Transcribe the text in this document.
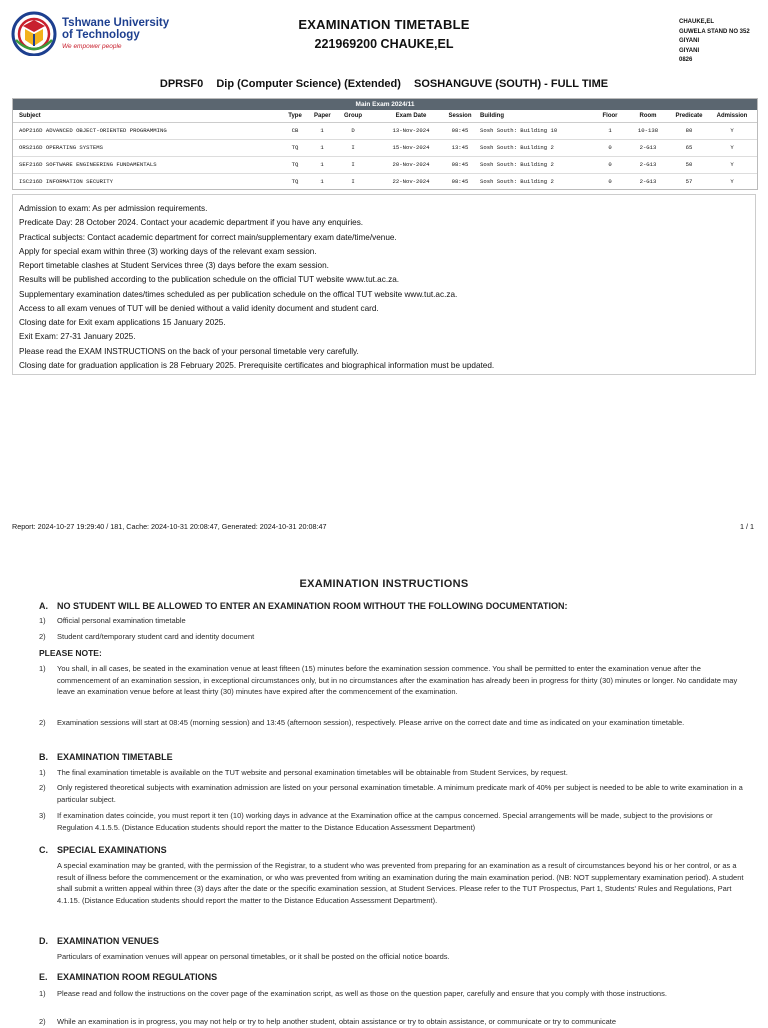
Tshwane University
of Technology
We empower people
EXAMINATION TIMETABLE
221969200 CHAUKE,EL
CHAUKE,EL
GUWELA STAND NO 352
GIYANI
GIYANI
0826
DPRSF0 Dip (Computer Science) (Extended) SOSHANGUVE (SOUTH) - FULL TIME
Main Exam 2024/11
Subject	Type Paper Group	Exam Date	Session	Building	Floor	Room	Predicate	Admission
AOP216D ADVANCED OBJECT-ORIENTED PROGRAMMING	CB	1	D	13-Nov-2024	08:45	Sosh South: Building 10	1	10-138	80	Y
ORS216D OPERATING SYSTEMS	TQ	1	I	15-Nov-2024	13:45	Sosh South: Building 2	0	2-G13	65	Y
SEF216D SOFTWARE ENGINEERING FUNDAMENTALS	TQ	1	I	20-Nov-2024	08:45	Sosh South: Building 2	0	2-G13	50	Y
ISC216D INFORMATION SECURITY	TQ	1	I	22-Nov-2024	08:45	Sosh South: Building 2	0	2-G13	57	Y
Admission to exam: As per admission requirements.
Predicate Day: 28 October 2024. Contact your academic department if you have any enquiries.
Practical subjects: Contact academic department for correct main/supplementary exam date/time/venue.
Apply for special exam within three (3) working days of the relevant exam session.
Report timetable clashes at Student Services three (3) days before the exam session.
Results will be published according to the publication schedule on the official TUT website www.tut.ac.za.
Supplementary examination dates/times scheduled as per publication schedule on the offical TUT website www.tut.ac.za.
Access to all exam venues of TUT will be denied without a valid idenity document and student card.
Closing date for Exit exam applications 15 January 2025.
Exit Exam: 27-31 January 2025.
Please read the EXAM INSTRUCTIONS on the back of your personal timetable very carefully.
Closing date for graduation application is 28 February 2025. Prerequisite certificates and biographical information must be updated.
Report: 2024-10-27 19:29:40 / 181, Cache: 2024-10-31 20:08:47, Generated: 2024-10-31 20:08:47	1 / 1
EXAMINATION INSTRUCTIONS
A. NO STUDENT WILL BE ALLOWED TO ENTER AN EXAMINATION ROOM WITHOUT THE FOLLOWING DOCUMENTATION:
1) Official personal examination timetable
2) Student card/temporary student card and identity document
PLEASE NOTE:
1) You shall, in all cases, be seated in the examination venue at least fifteen (15) minutes before the examination session commence. You shall be permitted to enter the examination venue after the commencement of an examination session, in exceptional circumstances only, but in no circumstances after the examination has already been in progress for thirty (30) minutes or longer. No candidate may leave an examination venue before at least thirty (30) minutes have expired after the commencement of the examination.
2) Examination sessions will start at 08:45 (morning session) and 13:45 (afternoon session), respectively. Please arrive on the correct date and time as indicated on your examination timetable.
B. EXAMINATION TIMETABLE
1) The final examination timetable is available on the TUT website and personal examination timetables will be obtainable from Student Services, by request.
2) Only registered theoretical subjects with examination admission are listed on your personal examination timetable. A minimum predicate mark of 40% per subject is needed to be able to write examination in a particular subject.
3) If examination dates coincide, you must report it ten (10) working days in advance at the Examination office at the campus concerned. Special arrangements will be made, subject to the provisions or Regulation 4.1.5.5. (Distance Education students should report the matter to the Distance Education Assessment Department)
C. SPECIAL EXAMINATIONS
A special examination may be granted, with the permission of the Registrar, to a student who was prevented from preparing for an examination as a result of circumstances beyond his or her control, or as a result of illness before the commencement or the examination, or who was prevented from writing an examination during the main examination period. (NB: NOT supplementary examination period). A student shall submit a written appeal within three (3) days after the date or the specific examination session, at Student Services. Please refer to the TUT Prospectus, Part 1, Students' Rules and Regulations, Part 4.1.15. (Distance Education students should report the matter to the Distance Education Assessment Department).
D. EXAMINATION VENUES
Particulars of examination venues will appear on personal timetables, or it shall be posted on the official notice boards.
E. EXAMINATION ROOM REGULATIONS
1) Please read and follow the instructions on the cover page of the examination script, as well as those on the question paper, carefully and ensure that you comply with those instructions.
2) While an examination is in progress, you may not help or try to help another student, obtain assistance or try to obtain assistance, or communicate or try to communicate
